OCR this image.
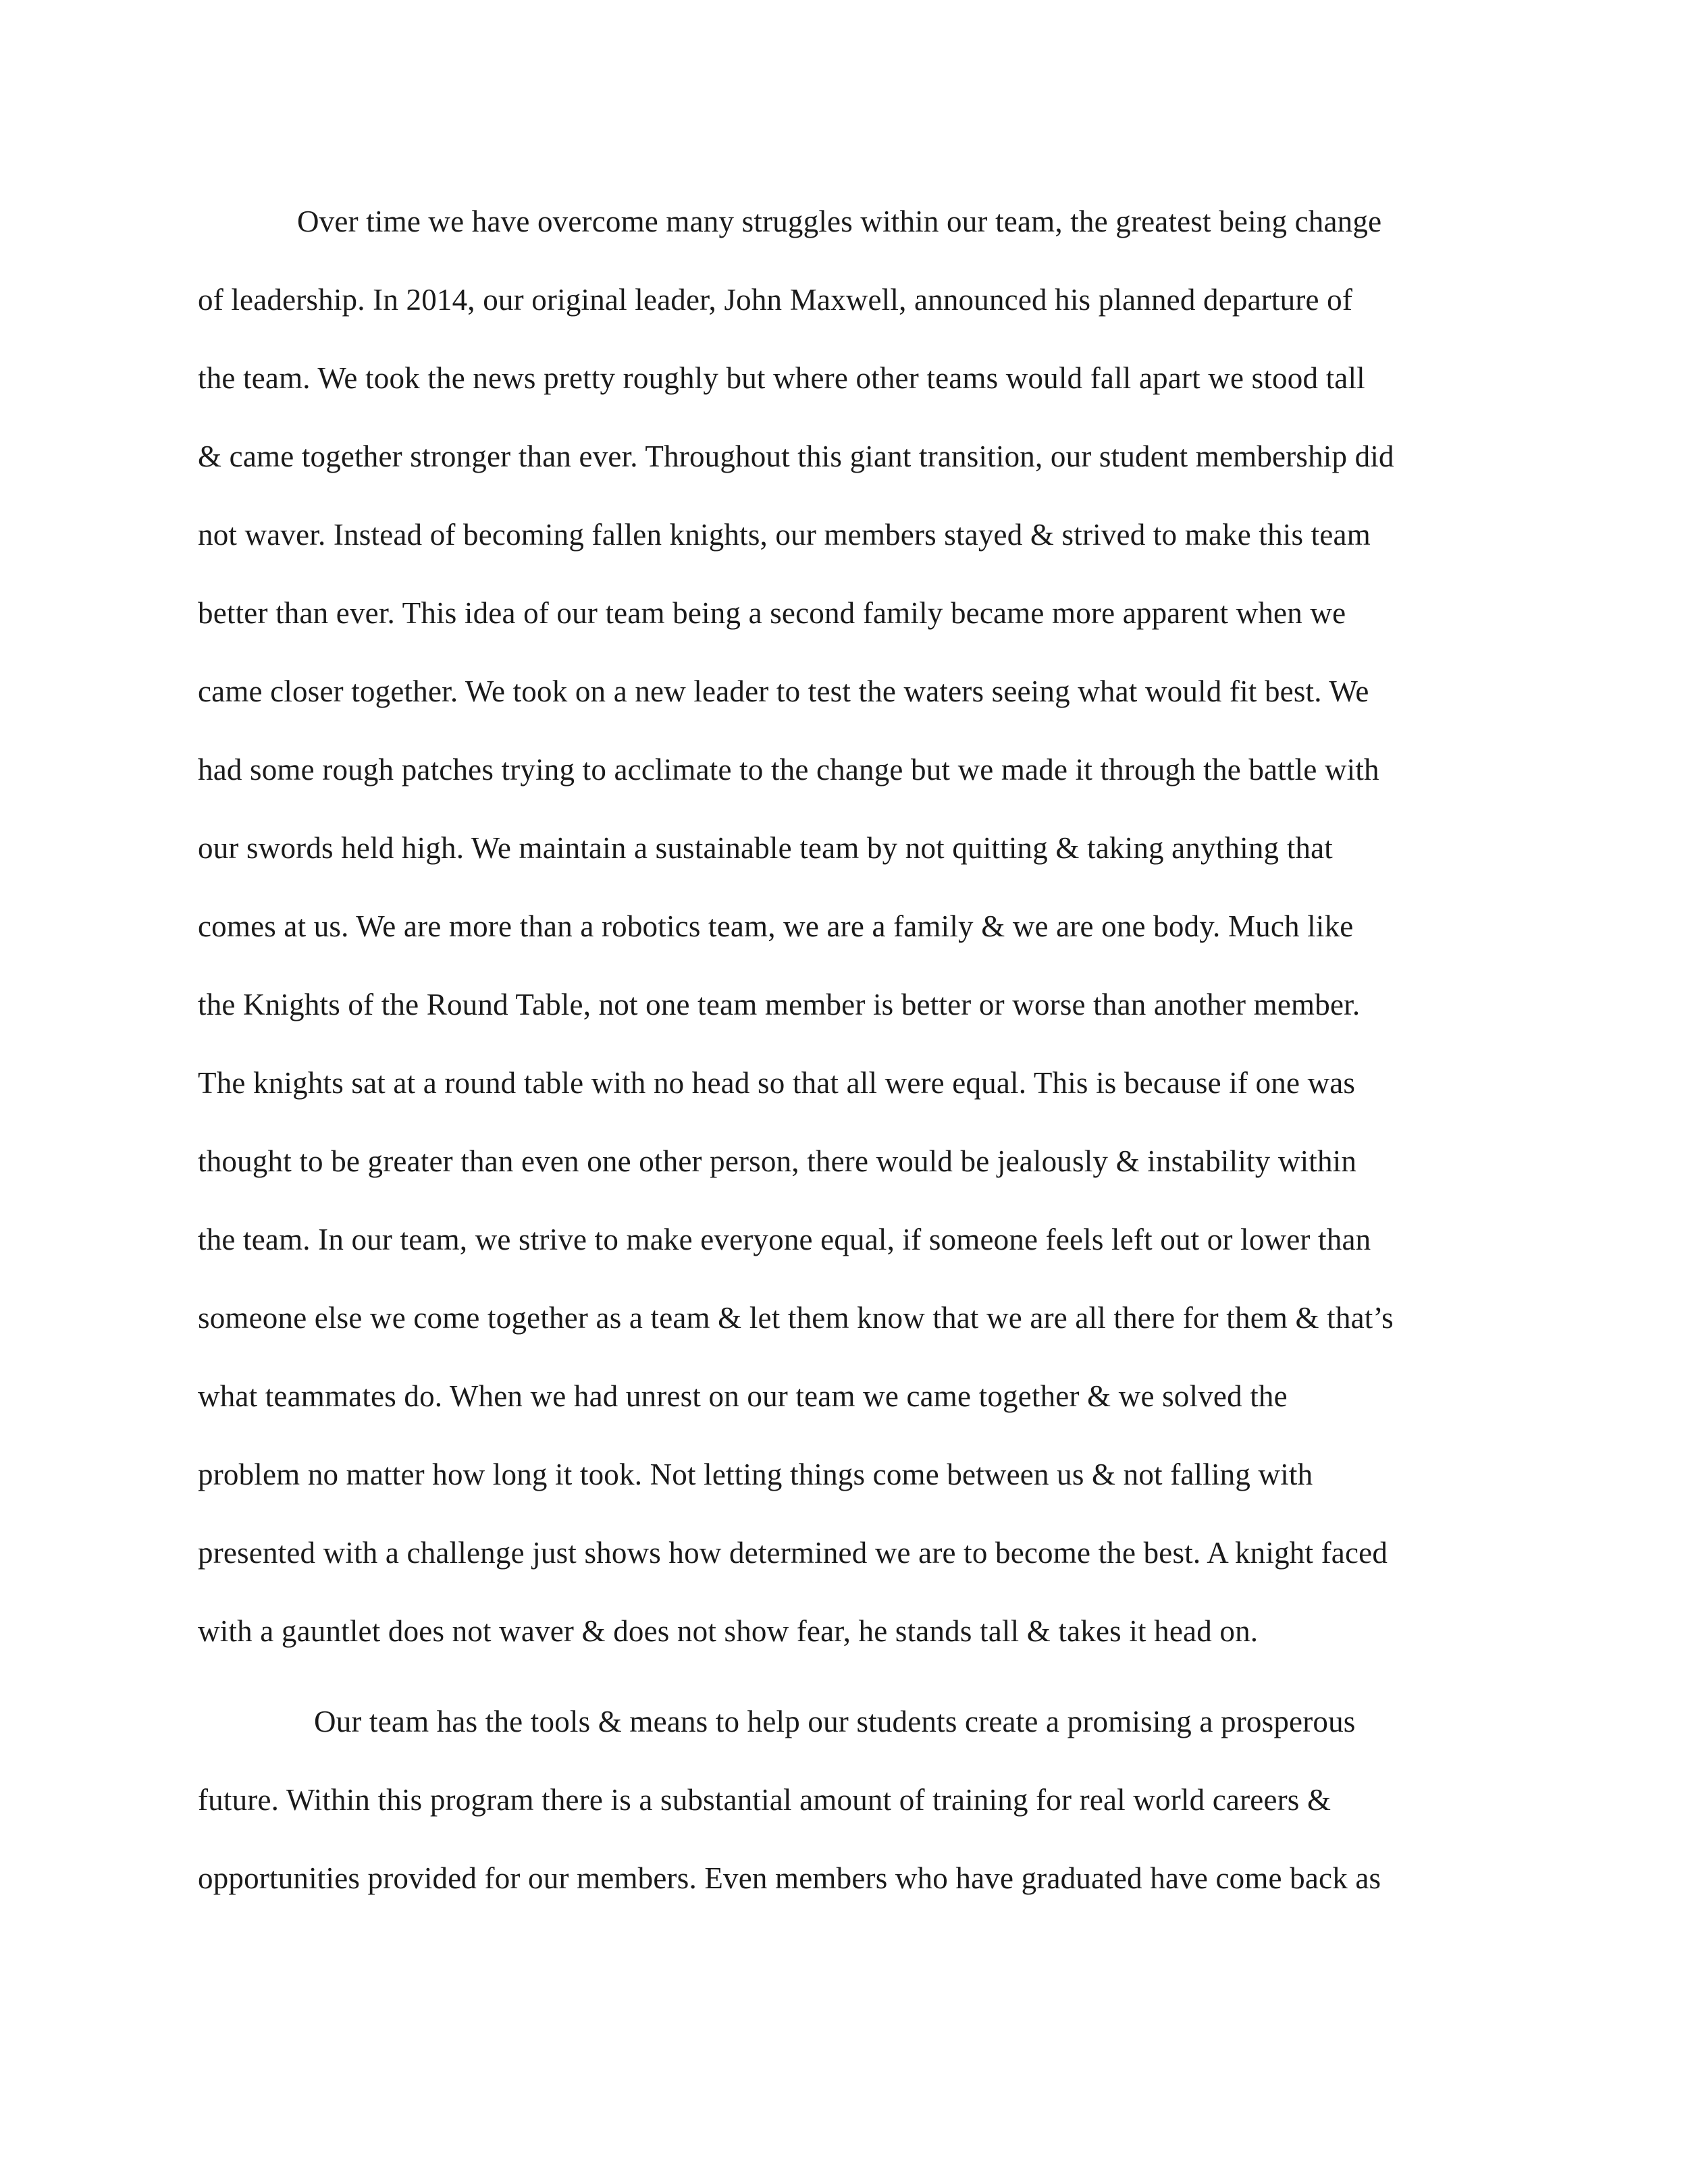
Over time we have overcome many struggles within our team, the greatest being change

of leadership. In 2014, our original leader, John Maxwell, announced his planned departure of

the team. We took the news pretty roughly but where other teams would fall apart we stood tall

& came together stronger than ever. Throughout this giant transition, our student membership did

not waver. Instead of becoming fallen knights, our members stayed & strived to make this team

better than ever. This idea of our team being a second family became more apparent when we

came closer together. We took on a new leader to test the waters seeing what would fit best. We

had some rough patches trying to acclimate to the change but we made it through the battle with

our swords held high. We maintain a sustainable team by not quitting & taking anything that

comes at us. We are more than a robotics team, we are a family & we are one body. Much like

the Knights of the Round Table, not one team member is better or worse than another member.

The knights sat at a round table with no head so that all were equal. This is because if one was

thought to be greater than even one other person, there would be jealously & instability within

the team. In our team, we strive to make everyone equal, if someone feels left out or lower than

someone else we come together as a team & let them know that we are all there for them & that’s

what teammates do. When we had unrest on our team we came together & we solved the

problem no matter how long it took. Not letting things come between us & not falling with

presented with a challenge just shows how determined we are to become the best. A knight faced

with a gauntlet does not waver & does not show fear, he stands tall & takes it head on.

Our team has the tools & means to help our students create a promising a prosperous

future. Within this program there is a substantial amount of training for real world careers &

opportunities provided for our members. Even members who have graduated have come back as
